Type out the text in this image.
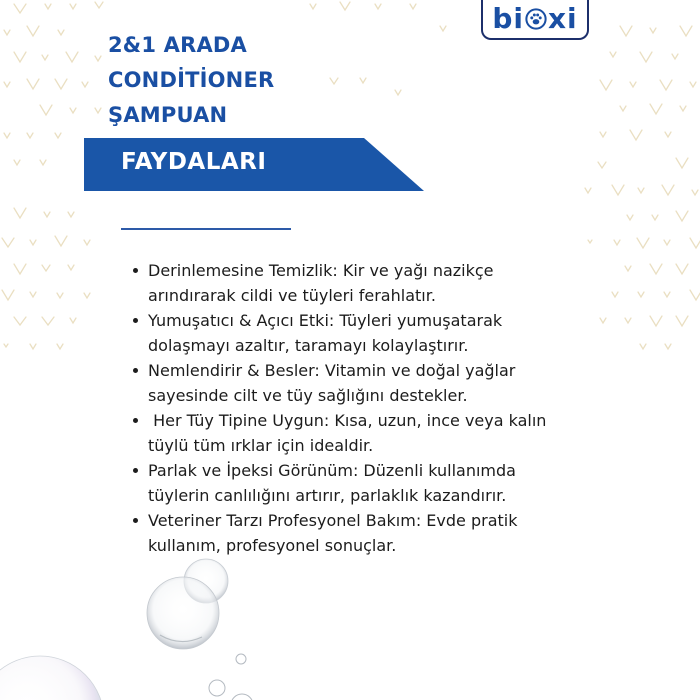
bi xi
2&1 ARADA
CONDİTİONER
ŞAMPUAN
FAYDALARI
Derinlemesine Temizlik: Kir ve yağı nazikçe arındırarak cildi ve tüyleri ferahlatır.
Yumuşatıcı & Açıcı Etki: Tüyleri yumuşatarak dolaşmayı azaltır, taramayı kolaylaştırır.
Nemlendirir & Besler: Vitamin ve doğal yağlar sayesinde cilt ve tüy sağlığını destekler.
Her Tüy Tipine Uygun: Kısa, uzun, ince veya kalın tüylü tüm ırklar için idealdir.
Parlak ve İpeksi Görünüm: Düzenli kullanımda tüylerin canlılığını artırır, parlaklık kazandırır.
Veteriner Tarzı Profesyonel Bakım: Evde pratik kullanım, profesyonel sonuçlar.
